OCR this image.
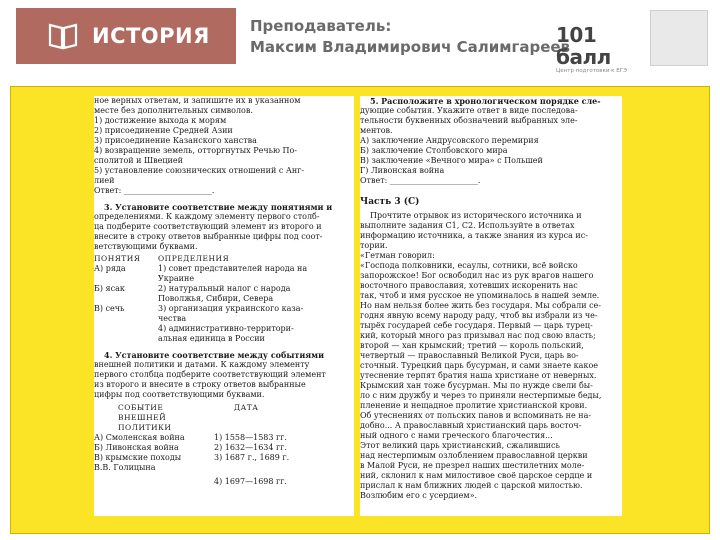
ИСТОРИЯ	Преподаватель:
Максим Владимирович Салимгареев
101 балл
Центр подготовки к ЕГЭ
ное верных ответам, и запишите их в указанном
месте без дополнительных символов.
1) достижение выхода к морям
2) присоединение Средней Азии
3) присоединение Казанского ханства
4) возвращение земель, отторгнутых Речью По-
сполитой и Швецией
5) установление союзнических отношений с Анг-
лией
Ответ: ______________________.
3. Установите соответствие между понятиями и
определениями. К каждому элементу первого столб-
ца подберите соответствующий элемент из второго и
внесите в строку ответов выбранные цифры под соот-
ветствующими буквами.
ПОНЯТИЯ	ОПРЕДЕЛЕНИЯ
А) ряда	1) совет представителей народа на
Украине
Б) ясак	2) натуральный налог с народа
Поволжья, Сибири, Севера
В) сечь	3) организация украинского каза-
чества
4) административно-территори-
альная единица в России
4. Установите соответствие между событиями
внешней политики и датами. К каждому элементу
первого столбца подберите соответствующий элемент
из второго и внесите в строку ответов выбранные
цифры под соответствующими буквами.
СОБЫТИЕ
ВНЕШНЕЙ ПОЛИТИКИ
ДАТА
А) Смоленская война	1) 1558—1583 гг.
Б) Ливонская война	2) 1632—1634 гг.
В) крымские походы	3) 1687 г., 1689 г.
В.В. Голицына
4) 1697—1698 гг.
5. Расположите в хронологическом порядке сле-
дующие события. Укажите ответ в виде последова-
тельности буквенных обозначений выбранных эле-
ментов.
А) заключение Андрусовского перемирия
Б) заключение Столбовского мира
В) заключение «Вечного мира» с Польшей
Г) Ливонская война
Ответ: ______________________.
Часть 3 (С)
Прочтите отрывок из исторического источника и
выполните задания С1, С2. Используйте в ответах
информацию источника, а также знания из курса ис-
тории.
«Гетман говорил:
«Господа полковники, есаулы, сотники, всё войско
запорожское! Бог освободил нас из рук врагов нашего
восточного православия, хотевших искоренить нас
так, чтоб и имя русское не упоминалось в нашей земле.
Но нам нельзя более жить без государя. Мы собрали се-
годня явную всему народу раду, чтоб вы избрали из че-
тырёх государей себе государя. Первый — царь турец-
кий, который много раз призывал нас под свою власть;
второй — хан крымский; третий — король польский,
четвертый — православный Великой Руси, царь во-
сточный. Турецкий царь бусурман, и сами знаете какое
утеснение терпят братия наша христиане от неверных.
Крымский хан тоже бусурман. Мы по нужде свели бы-
ло с ним дружбу и через то приняли нестерпимые беды,
пленение и нещадное пролитие христианской крови.
Об утеснениях от польских панов и вспоминать не на-
добно... А православный христианский царь восточ-
ный одного с нами греческого благочестия...
Этот великий царь христианский, сжалившись
над нестерпимым озлоблением православной церкви
в Малой Руси, не презрел наших шестилетних моле-
ний, склонил к нам милостивое своё царское сердце и
прислал к нам ближних людей с царской милостью.
Возлюбим его с усердием».
